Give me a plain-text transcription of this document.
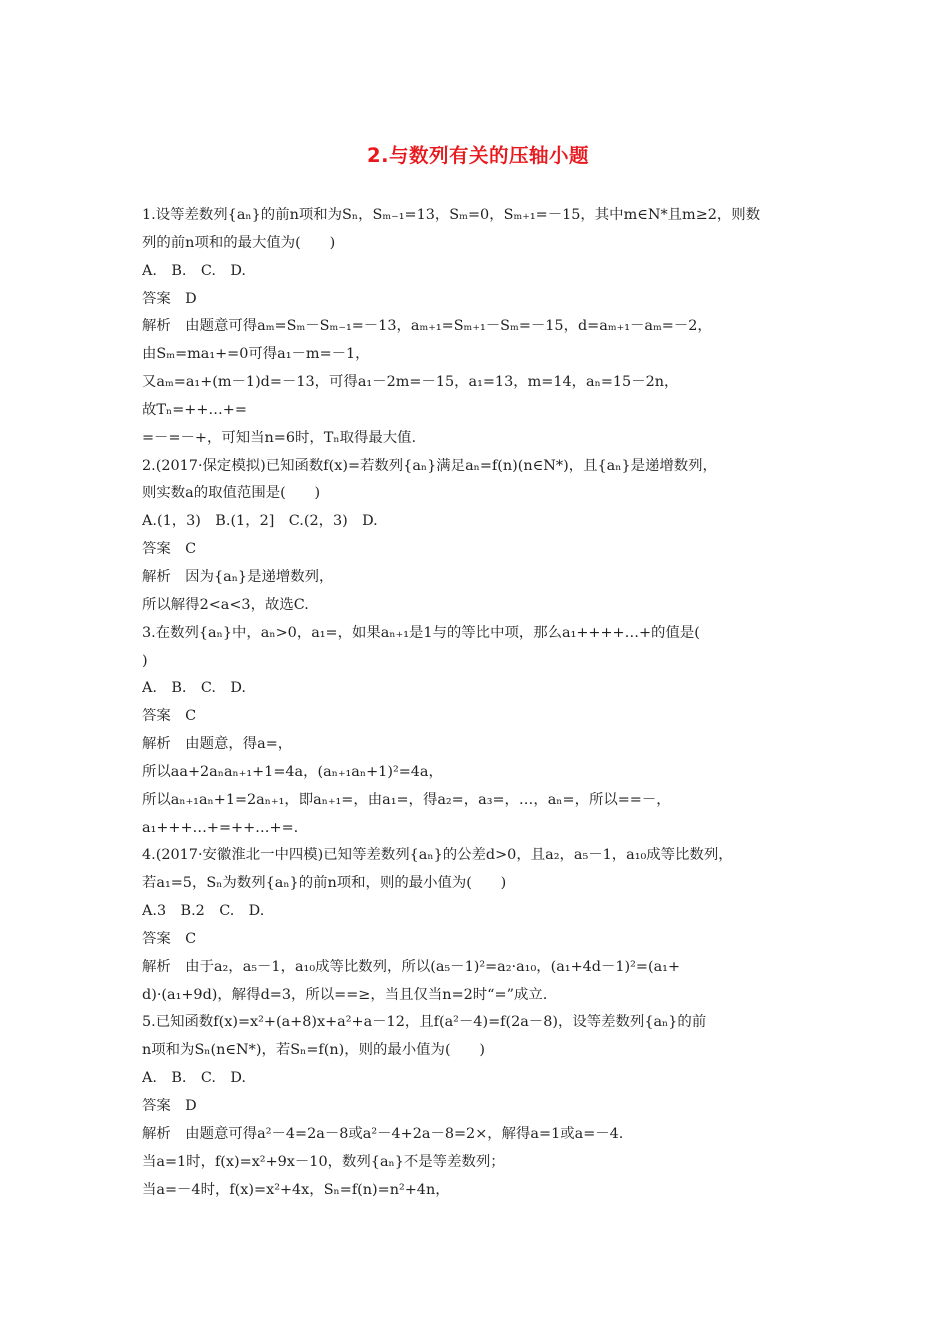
2.与数列有关的压轴小题
1.设等差数列{aₙ}的前n项和为Sₙ，Sₘ₋₁=13，Sₘ=0，Sₘ₊₁=－15，其中m∈N*且m≥2，则数
列的前n项和的最大值为(　　)
A.　B.　C.　D.
答案　D
解析　由题意可得aₘ=Sₘ－Sₘ₋₁=－13，aₘ₊₁=Sₘ₊₁－Sₘ=－15，d=aₘ₊₁－aₘ=－2，
由Sₘ=ma₁+=0可得a₁－m=－1，
又aₘ=a₁+(m－1)d=－13，可得a₁－2m=－15，a₁=13，m=14，aₙ=15－2n，
故Tₙ=++…+=
=－=－+，可知当n=6时，Tₙ取得最大值.
2.(2017·保定模拟)已知函数f(x)=若数列{aₙ}满足aₙ=f(n)(n∈N*)，且{aₙ}是递增数列，
则实数a的取值范围是(　　)
A.(1，3)　B.(1，2]　C.(2，3)　D.
答案　C
解析　因为{aₙ}是递增数列，
所以解得2<a<3，故选C.
3.在数列{aₙ}中，aₙ>0，a₁=，如果aₙ₊₁是1与的等比中项，那么a₁++++…+的值是(
)
A.　B.　C.　D.
答案　C
解析　由题意，得a=，
所以aa+2aₙaₙ₊₁+1=4a，(aₙ₊₁aₙ+1)²=4a，
所以aₙ₊₁aₙ+1=2aₙ₊₁，即aₙ₊₁=，由a₁=，得a₂=，a₃=，…，aₙ=，所以==－，
a₁+++…+=++…+=.
4.(2017·安徽淮北一中四模)已知等差数列{aₙ}的公差d>0，且a₂，a₅－1，a₁₀成等比数列，
若a₁=5，Sₙ为数列{aₙ}的前n项和，则的最小值为(　　)
A.3　B.2　C.　D.
答案　C
解析　由于a₂，a₅－1，a₁₀成等比数列，所以(a₅－1)²=a₂·a₁₀，(a₁+4d－1)²=(a₁+
d)·(a₁+9d)，解得d=3，所以==≥，当且仅当n=2时“=”成立.
5.已知函数f(x)=x²+(a+8)x+a²+a－12，且f(a²－4)=f(2a－8)，设等差数列{aₙ}的前
n项和为Sₙ(n∈N*)，若Sₙ=f(n)，则的最小值为(　　)
A.　B.　C.　D.
答案　D
解析　由题意可得a²－4=2a－8或a²－4+2a－8=2×，解得a=1或a=－4.
当a=1时，f(x)=x²+9x－10，数列{aₙ}不是等差数列；
当a=－4时，f(x)=x²+4x，Sₙ=f(n)=n²+4n，
